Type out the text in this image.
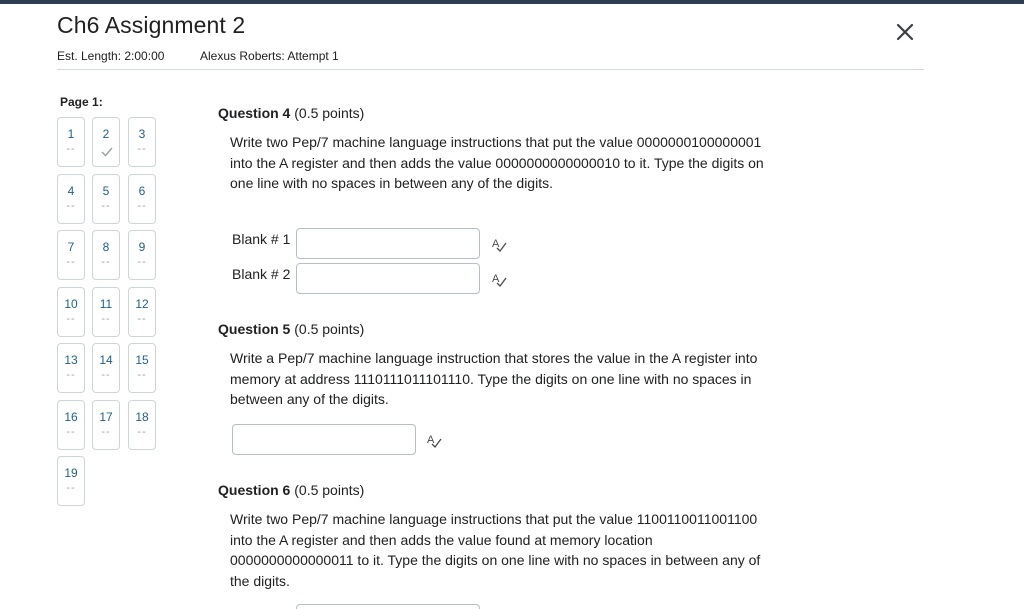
Ch6 Assignment 2
Est. Length: 2:00:00	Alexus Roberts: Attempt 1
Page 1:
1
--
2	3
--
4
--
5
--
6
--
7
--
8
--
9
--
10
--
11
--
12
--
13
--
14
--
15
--
16
--
17
--
18
--
19
--
Question 4 (0.5 points)
Write two Pep/7 machine language instructions that put the value 0000000100000001 into the A register and then adds the value 0000000000000010 to it. Type the digits on one line with no spaces in between any of the digits.
Blank # 1	A
Blank # 2	A
Question 5 (0.5 points)
Write a Pep/7 machine language instruction that stores the value in the A register into memory at address 1110111011101110. Type the digits on one line with no spaces in between any of the digits.
A
Question 6 (0.5 points)
Write two Pep/7 machine language instructions that put the value 1100110011001100 into the A register and then adds the value found at memory location 0000000000000011 to it. Type the digits on one line with no spaces in between any of the digits.
